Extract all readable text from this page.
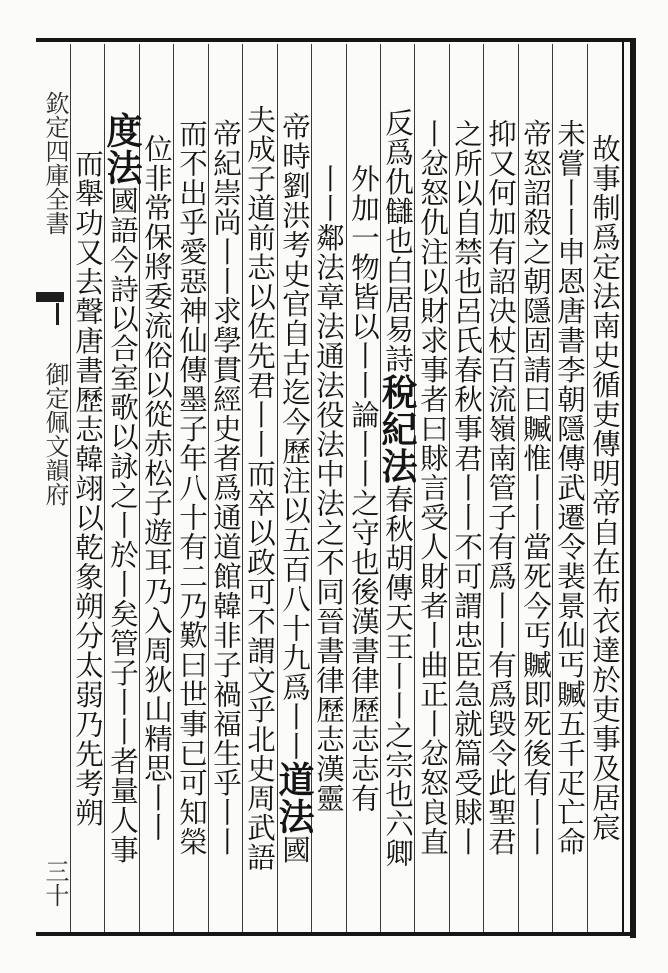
欽定四庫全書
御定佩文韻府
三十
故事制爲定法南史循吏傳明帝自在布衣達於吏事及居宸
未嘗丨丨申恩唐書李朝隱傳武遷令裴景仙丐贓五千疋亡命
帝怒詔殺之朝隱固請曰贓惟丨丨當死今丐贓即死後有丨丨
抑又何加有詔决杖百流嶺南管子有爲丨丨有爲毀令此聖君
之所以自禁也呂氏春秋事君丨丨不可謂忠臣急就篇受賕丨
丨忿怒仇注以財求事者曰賕言受人財者丨曲正丨忿怒良直
反爲仇讎也白居易詩稅紀法春秋胡傳天王丨丨之宗也六卿
外加一物皆以丨丨論丨丨之守也後漢書律歷志志有
丨丨鄰法章法通法役法中法之不同晉書律歷志漢靈
帝時劉洪考史官自古迄今歷注以五百八十九爲丨丨道法國
夫成子道前志以佐先君丨丨而卒以政可不謂文乎北史周武語
帝紀崇尚丨丨求學貫經史者爲通道館韓非子禍福生乎丨丨
而不出乎愛惡神仙傳墨子年八十有二乃歎曰世事已可知榮
位非常保將委流俗以從赤松子遊耳乃入周狄山精思丨丨
度法國語今詩以合室歌以詠之丨於丨矣管子丨丨者量人事
而舉功又去聲唐書歷志韓翊以乾象朔分太弱乃先考朔
